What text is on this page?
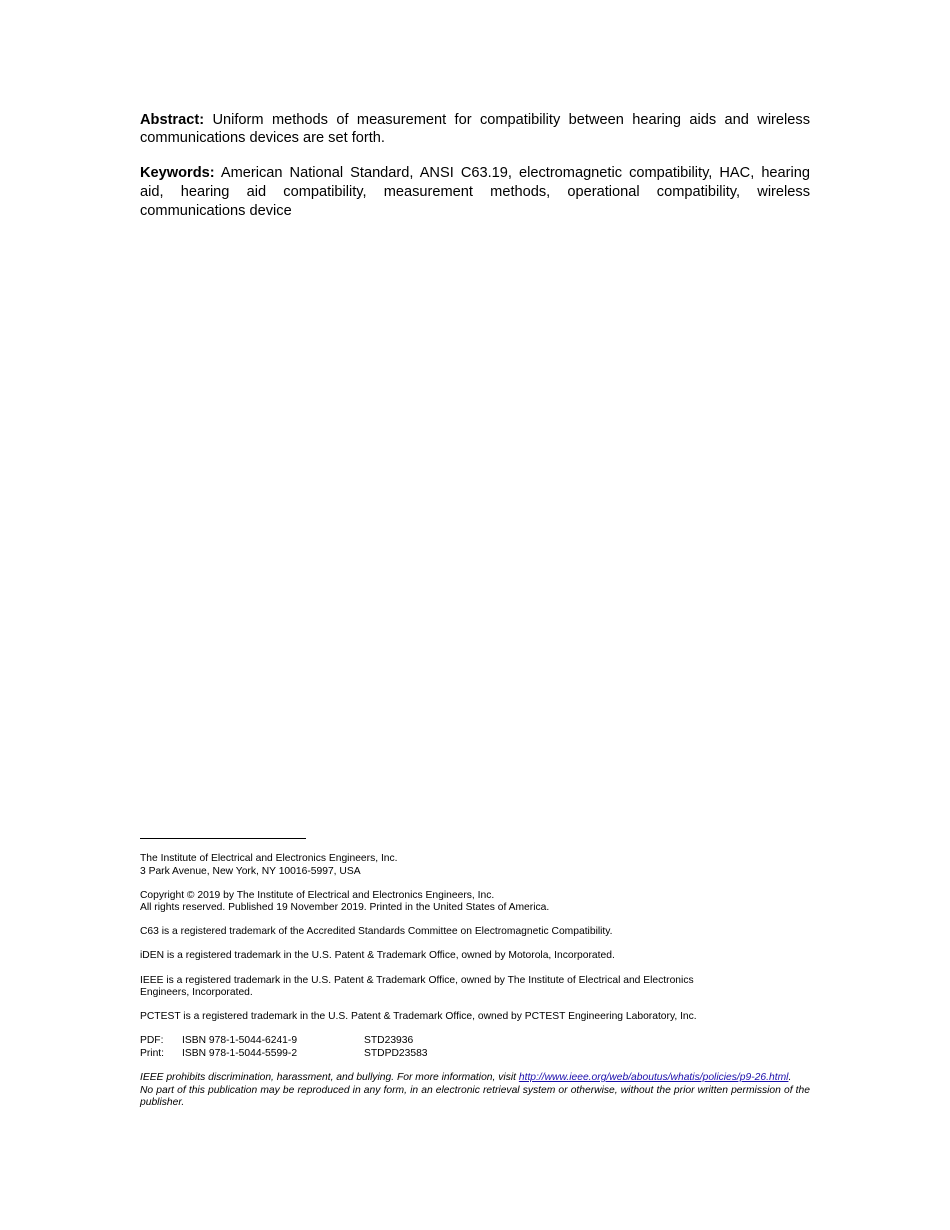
Abstract: Uniform methods of measurement for compatibility between hearing aids and wireless communications devices are set forth.

Keywords: American National Standard, ANSI C63.19, electromagnetic compatibility, HAC, hearing aid, hearing aid compatibility, measurement methods, operational compatibility, wireless communications device

The Institute of Electrical and Electronics Engineers, Inc.
3 Park Avenue, New York, NY 10016-5997, USA
Copyright © 2019 by The Institute of Electrical and Electronics Engineers, Inc.
All rights reserved. Published 19 November 2019. Printed in the United States of America.
C63 is a registered trademark of the Accredited Standards Committee on Electromagnetic Compatibility.
iDEN is a registered trademark in the U.S. Patent & Trademark Office, owned by Motorola, Incorporated.
IEEE is a registered trademark in the U.S. Patent & Trademark Office, owned by The Institute of Electrical and Electronics Engineers, Incorporated.
PCTEST is a registered trademark in the U.S. Patent & Trademark Office, owned by PCTEST Engineering Laboratory, Inc.
PDF:	ISBN 978-1-5044-6241-9	STD23936
Print:	ISBN 978-1-5044-5599-2	STDPD23583
IEEE prohibits discrimination, harassment, and bullying. For more information, visit http://www.ieee.org/web/aboutus/whatis/policies/p9-26.html.
No part of this publication may be reproduced in any form, in an electronic retrieval system or otherwise, without the prior written permission of the publisher.
